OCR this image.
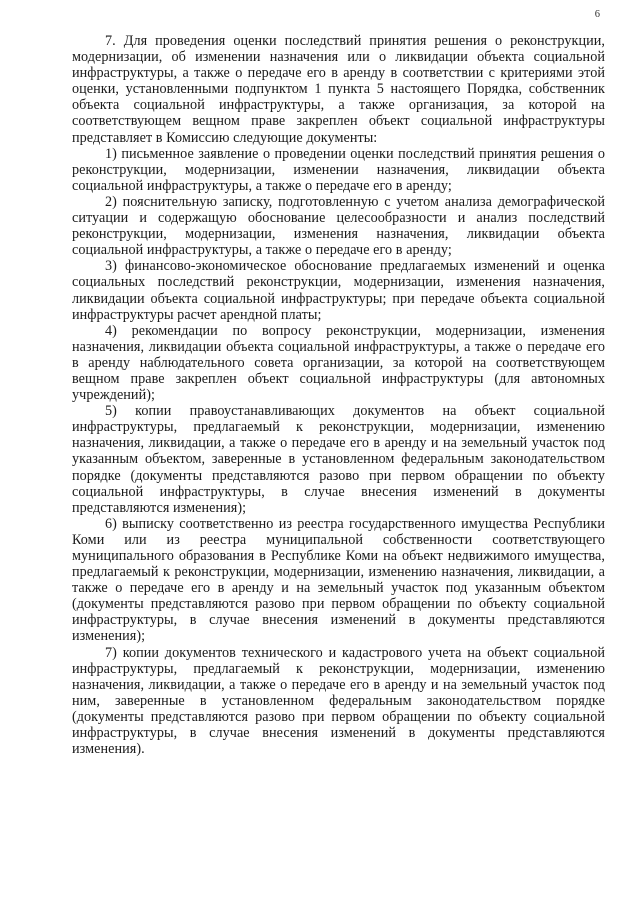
6

7. Для проведения оценки последствий принятия решения о реконструкции, модернизации, об изменении назначения или о ликвидации объекта социальной инфраструктуры, а также о передаче его в аренду в соответствии с критериями этой оценки, установленными подпунктом 1 пункта 5 настоящего Порядка, собственник объекта социальной инфраструктуры, а также организация, за которой на соответствующем вещном праве закреплен объект социальной инфраструктуры представляет в Комиссию следующие документы:

1) письменное заявление о проведении оценки последствий принятия решения о реконструкции, модернизации, изменении назначения, ликвидации объекта социальной инфраструктуры, а также о передаче его в аренду;

2) пояснительную записку, подготовленную с учетом анализа демографической ситуации и содержащую обоснование целесообразности и анализ последствий реконструкции, модернизации, изменения назначения, ликвидации объекта социальной инфраструктуры, а также о передаче его в аренду;

3) финансово-экономическое обоснование предлагаемых изменений и оценка социальных последствий реконструкции, модернизации, изменения назначения, ликвидации объекта социальной инфраструктуры; при передаче объекта социальной инфраструктуры расчет арендной платы;

4) рекомендации по вопросу реконструкции, модернизации, изменения назначения, ликвидации объекта социальной инфраструктуры, а также о передаче его в аренду наблюдательного совета организации, за которой на соответствующем вещном праве закреплен объект социальной инфраструктуры (для автономных учреждений);

5) копии правоустанавливающих документов на объект социальной инфраструктуры, предлагаемый к реконструкции, модернизации, изменению назначения, ликвидации, а также о передаче его в аренду и на земельный участок под указанным объектом, заверенные в установленном федеральным законодательством порядке (документы представляются разово при первом обращении по объекту социальной инфраструктуры, в случае внесения изменений в документы представляются изменения);

6) выписку соответственно из реестра государственного имущества Республики Коми или из реестра муниципальной собственности соответствующего муниципального образования в Республике Коми на объект недвижимого имущества, предлагаемый к реконструкции, модернизации, изменению назначения, ликвидации, а также о передаче его в аренду и на земельный участок под указанным объектом (документы представляются разово при первом обращении по объекту социальной инфраструктуры, в случае внесения изменений в документы представляются изменения);

7) копии документов технического и кадастрового учета на объект социальной инфраструктуры, предлагаемый к реконструкции, модернизации, изменению назначения, ликвидации, а также о передаче его в аренду и на земельный участок под ним, заверенные в установленном федеральным законодательством порядке (документы представляются разово при первом обращении по объекту социальной инфраструктуры, в случае внесения изменений в документы представляются изменения).
